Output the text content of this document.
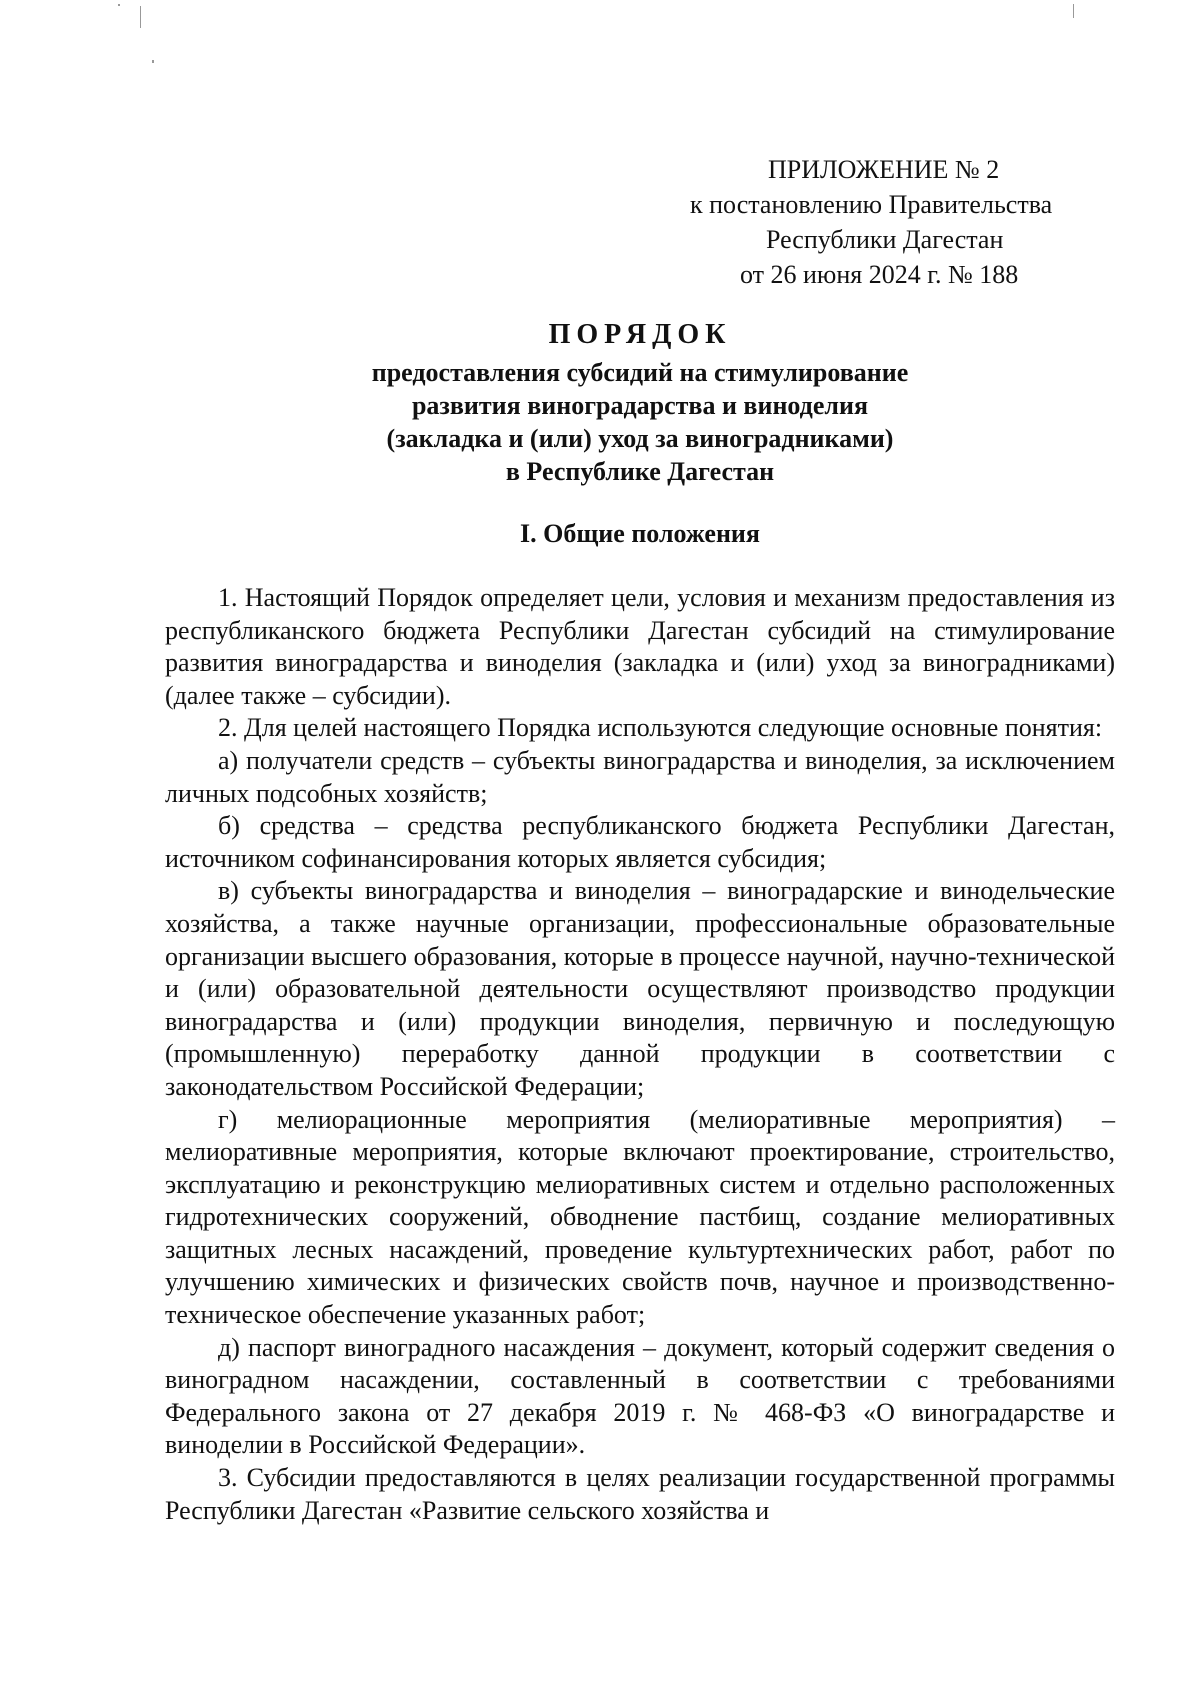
ПРИЛОЖЕНИЕ № 2
к постановлению Правительства
Республики Дагестан
от 26 июня 2024 г. № 188
ПОРЯДОК
предоставления субсидий на стимулирование
развития виноградарства и виноделия
(закладка и (или) уход за виноградниками)
в Республике Дагестан
I. Общие положения

1. Настоящий Порядок определяет цели, условия и механизм предоставления из республиканского бюджета Республики Дагестан субсидий на стимулирование развития виноградарства и виноделия (закладка и (или) уход за виноградниками) (далее также – субсидии).

2. Для целей настоящего Порядка используются следующие основные понятия:

а) получатели средств – субъекты виноградарства и виноделия, за исключением личных подсобных хозяйств;

б) средства – средства республиканского бюджета Республики Дагестан, источником софинансирования которых является субсидия;

в) субъекты виноградарства и виноделия – виноградарские и винодельческие хозяйства, а также научные организации, профессиональные образовательные организации высшего образования, которые в процессе научной, научно-технической и (или) образовательной деятельности осуществляют производство продукции виноградарства и (или) продукции виноделия, первичную и последующую (промышленную) переработку данной продукции в соответствии с законодательством Российской Федерации;

г) мелиорационные мероприятия (мелиоративные мероприятия) – мелиоративные мероприятия, которые включают проектирование, строительство, эксплуатацию и реконструкцию мелиоративных систем и отдельно расположенных гидротехнических сооружений, обводнение пастбищ, создание мелиоративных защитных лесных насаждений, проведение культуртехнических работ, работ по улучшению химических и физических свойств почв, научное и производственно-техническое обеспечение указанных работ;

д) паспорт виноградного насаждения – документ, который содержит сведения о виноградном насаждении, составленный в соответствии с требованиями Федерального закона от 27 декабря 2019 г. № 468-ФЗ «О виноградарстве и виноделии в Российской Федерации».

3. Субсидии предоставляются в целях реализации государственной программы Республики Дагестан «Развитие сельского хозяйства и
